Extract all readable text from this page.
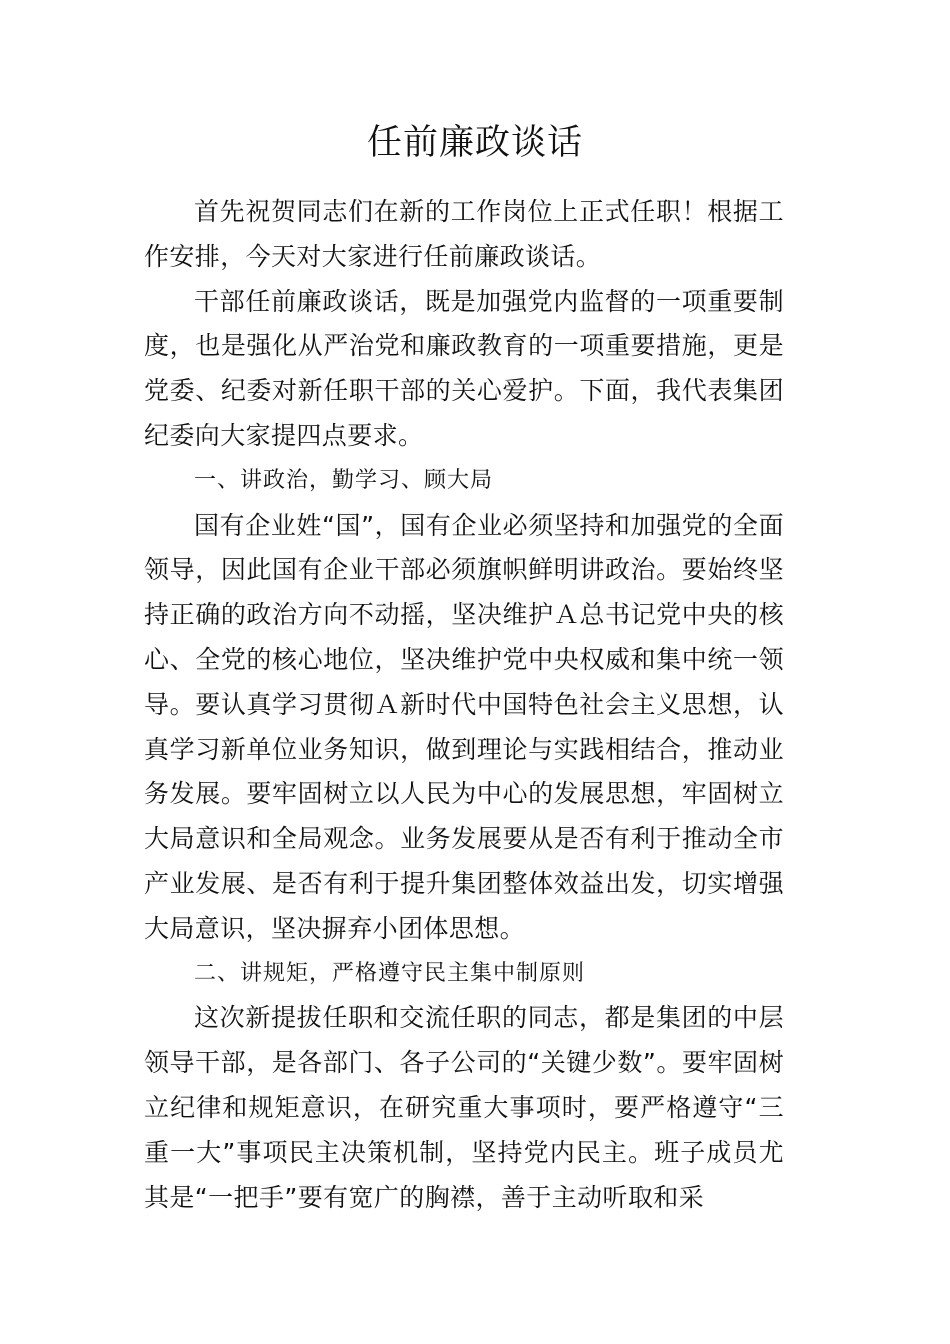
任前廉政谈话

首先祝贺同志们在新的工作岗位上正式任职！根据工作安排，今天对大家进行任前廉政谈话。

干部任前廉政谈话，既是加强党内监督的一项重要制度，也是强化从严治党和廉政教育的一项重要措施，更是党委、纪委对新任职干部的关心爱护。下面，我代表集团纪委向大家提四点要求。

一、讲政治，勤学习、顾大局

国有企业姓“国”，国有企业必须坚持和加强党的全面领导，因此国有企业干部必须旗帜鲜明讲政治。要始终坚持正确的政治方向不动摇，坚决维护Ａ总书记党中央的核心、全党的核心地位，坚决维护党中央权威和集中统一领导。要认真学习贯彻Ａ新时代中国特色社会主义思想，认真学习新单位业务知识，做到理论与实践相结合，推动业务发展。要牢固树立以人民为中心的发展思想，牢固树立大局意识和全局观念。业务发展要从是否有利于推动全市产业发展、是否有利于提升集团整体效益出发，切实增强大局意识，坚决摒弃小团体思想。

二、讲规矩，严格遵守民主集中制原则

这次新提拔任职和交流任职的同志，都是集团的中层领导干部，是各部门、各子公司的“关键少数”。要牢固树立纪律和规矩意识，在研究重大事项时，要严格遵守“三重一大”事项民主决策机制，坚持党内民主。班子成员尤其是“一把手”要有宽广的胸襟，善于主动听取和采
